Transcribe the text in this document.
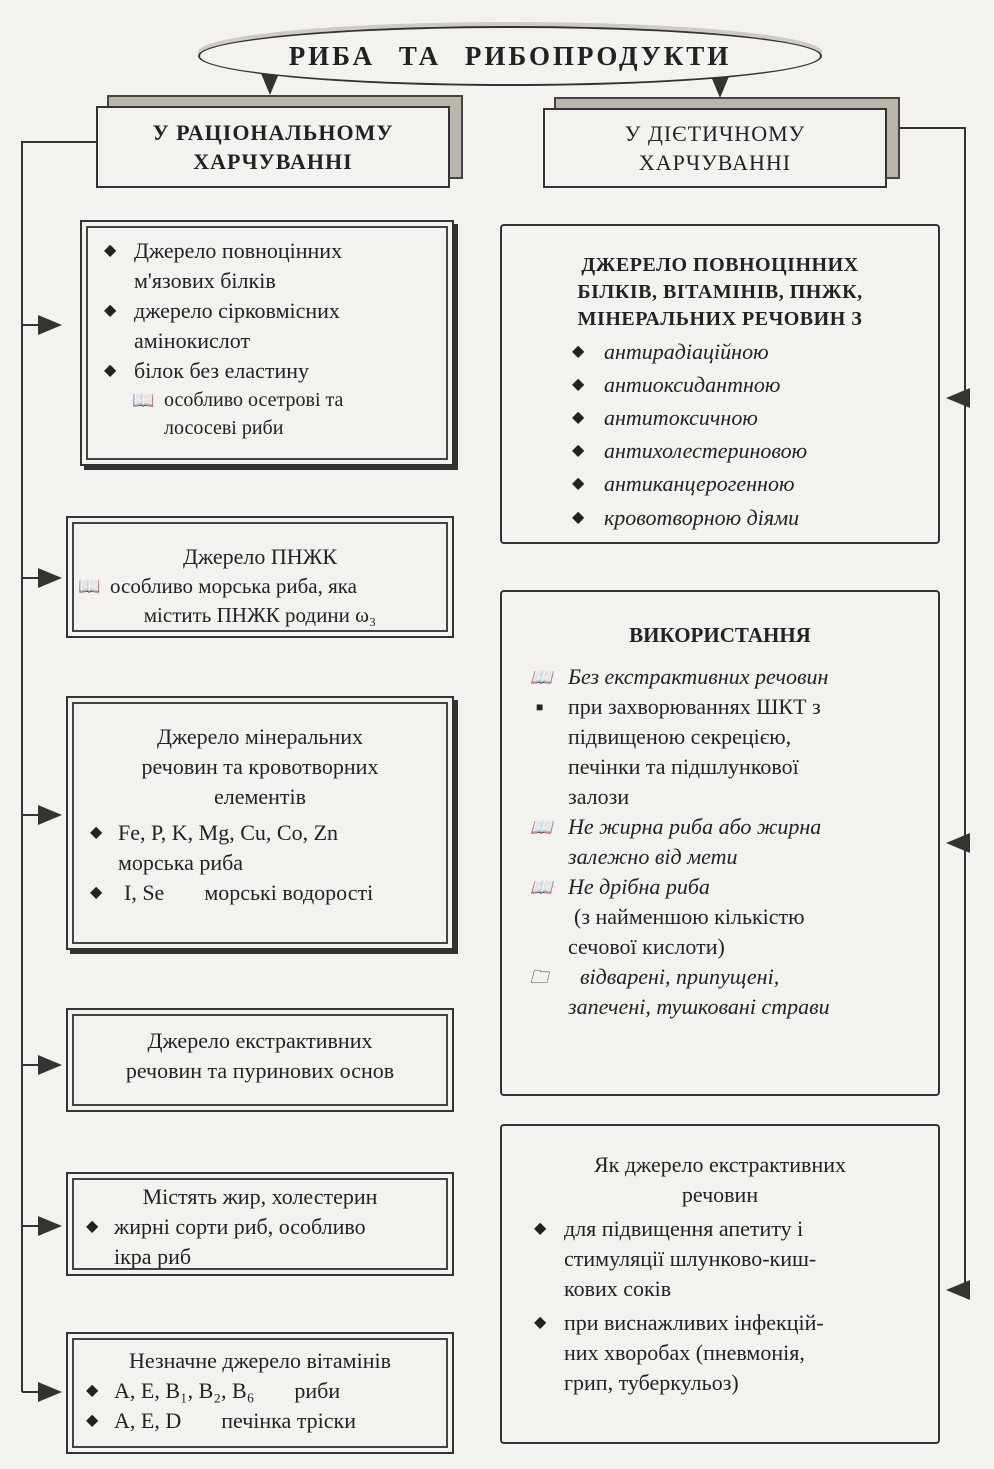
РИБА ТА РИБОПРОДУКТИ
У РАЦІОНАЛЬНОМУ
ХАРЧУВАННІ
У ДІЄТИЧНОМУ
ХАРЧУВАННІ
◆ Джерело повноцінних
м'язових білків
◆ джерело сірковмісних
амінокислот
◆ білок без еластину
📖 особливо осетрові та
лососеві риби
Джерело ПНЖК
📖 особливо морська риба, яка
містить ПНЖК родини ω₃
Джерело мінеральних
речовин та кровотворних
елементів
◆ Fe, P, K, Mg, Cu, Co, Zn
морська риба
◆ I, Se морські водорості
Джерело екстрактивних
речовин та пуринових основ
Містять жир, холестерин
◆ жирні сорти риб, особливо
ікра риб
Незначне джерело вітамінів
◆ A, E, B₁, B₂, B₆ риби
◆ A, E, D печінка тріски
ДЖЕРЕЛО ПОВНОЦІННИХ
БІЛКІВ, ВІТАМІНІВ, ПНЖК,
МІНЕРАЛЬНИХ РЕЧОВИН З
◆ антирадіаційною
◆ антиоксидантною
◆ антитоксичною
◆ антихолестериновою
◆ антиканцерогенною
◆ кровотворною діями
ВИКОРИСТАННЯ
📖 Без екстрактивних речовин
■ при захворюваннях ШКТ з
підвищеною секрецією,
печінки та підшлункової
залози
📖 Не жирна риба або жирна
залежно від мети
📖 Не дрібна риба
(з найменшою кількістю
сечової кислоти)
🗀 відварені, припущені,
запечені, тушковані страви
Як джерело екстрактивних
речовин
◆ для підвищення апетиту і
стимуляції шлунково-киш-
кових соків
◆ при виснажливих інфекцій-
них хворобах (пневмонія,
грип, туберкульоз)
